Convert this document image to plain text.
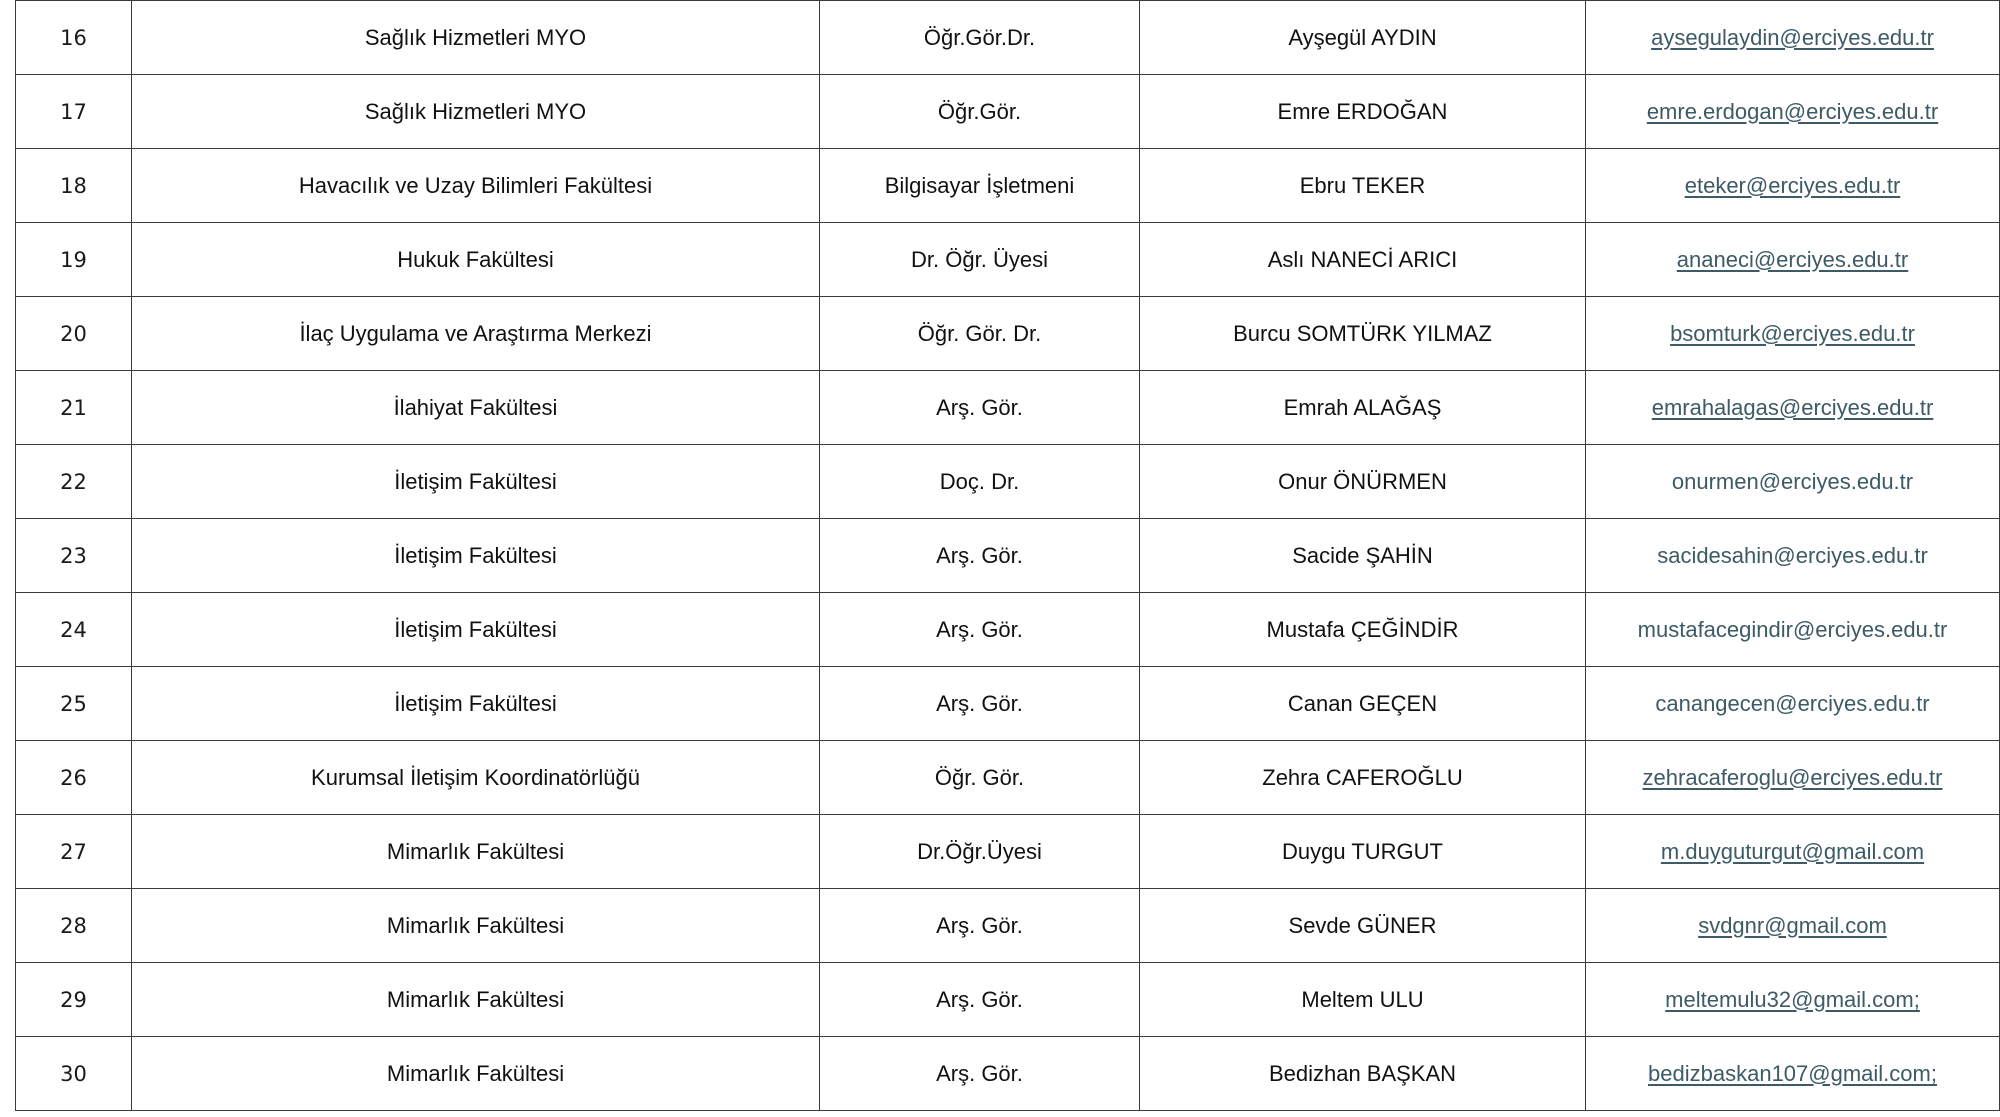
16	Sağlık Hizmetleri MYO	Öğr.Gör.Dr.	Ayşegül AYDIN	aysegulaydin@erciyes.edu.tr
17	Sağlık Hizmetleri MYO	Öğr.Gör.	Emre ERDOĞAN	emre.erdogan@erciyes.edu.tr
18	Havacılık ve Uzay Bilimleri Fakültesi	Bilgisayar İşletmeni	Ebru TEKER	eteker@erciyes.edu.tr
19	Hukuk Fakültesi	Dr. Öğr. Üyesi	Aslı NANECİ ARICI	ananeci@erciyes.edu.tr
20	İlaç Uygulama ve Araştırma Merkezi	Öğr. Gör. Dr.	Burcu SOMTÜRK YILMAZ	bsomturk@erciyes.edu.tr
21	İlahiyat Fakültesi	Arş. Gör.	Emrah ALAĞAŞ	emrahalagas@erciyes.edu.tr
22	İletişim Fakültesi	Doç. Dr.	Onur ÖNÜRMEN	onurmen@erciyes.edu.tr
23	İletişim Fakültesi	Arş. Gör.	Sacide ŞAHİN	sacidesahin@erciyes.edu.tr
24	İletişim Fakültesi	Arş. Gör.	Mustafa ÇEĞİNDİR	mustafacegindir@erciyes.edu.tr
25	İletişim Fakültesi	Arş. Gör.	Canan GEÇEN	canangecen@erciyes.edu.tr
26	Kurumsal İletişim Koordinatörlüğü	Öğr. Gör.	Zehra CAFEROĞLU	zehracaferoglu@erciyes.edu.tr
27	Mimarlık Fakültesi	Dr.Öğr.Üyesi	Duygu TURGUT	m.duyguturgut@gmail.com
28	Mimarlık Fakültesi	Arş. Gör.	Sevde GÜNER	svdgnr@gmail.com
29	Mimarlık Fakültesi	Arş. Gör.	Meltem ULU	meltemulu32@gmail.com;
30	Mimarlık Fakültesi	Arş. Gör.	Bedizhan BAŞKAN	bedizbaskan107@gmail.com;
